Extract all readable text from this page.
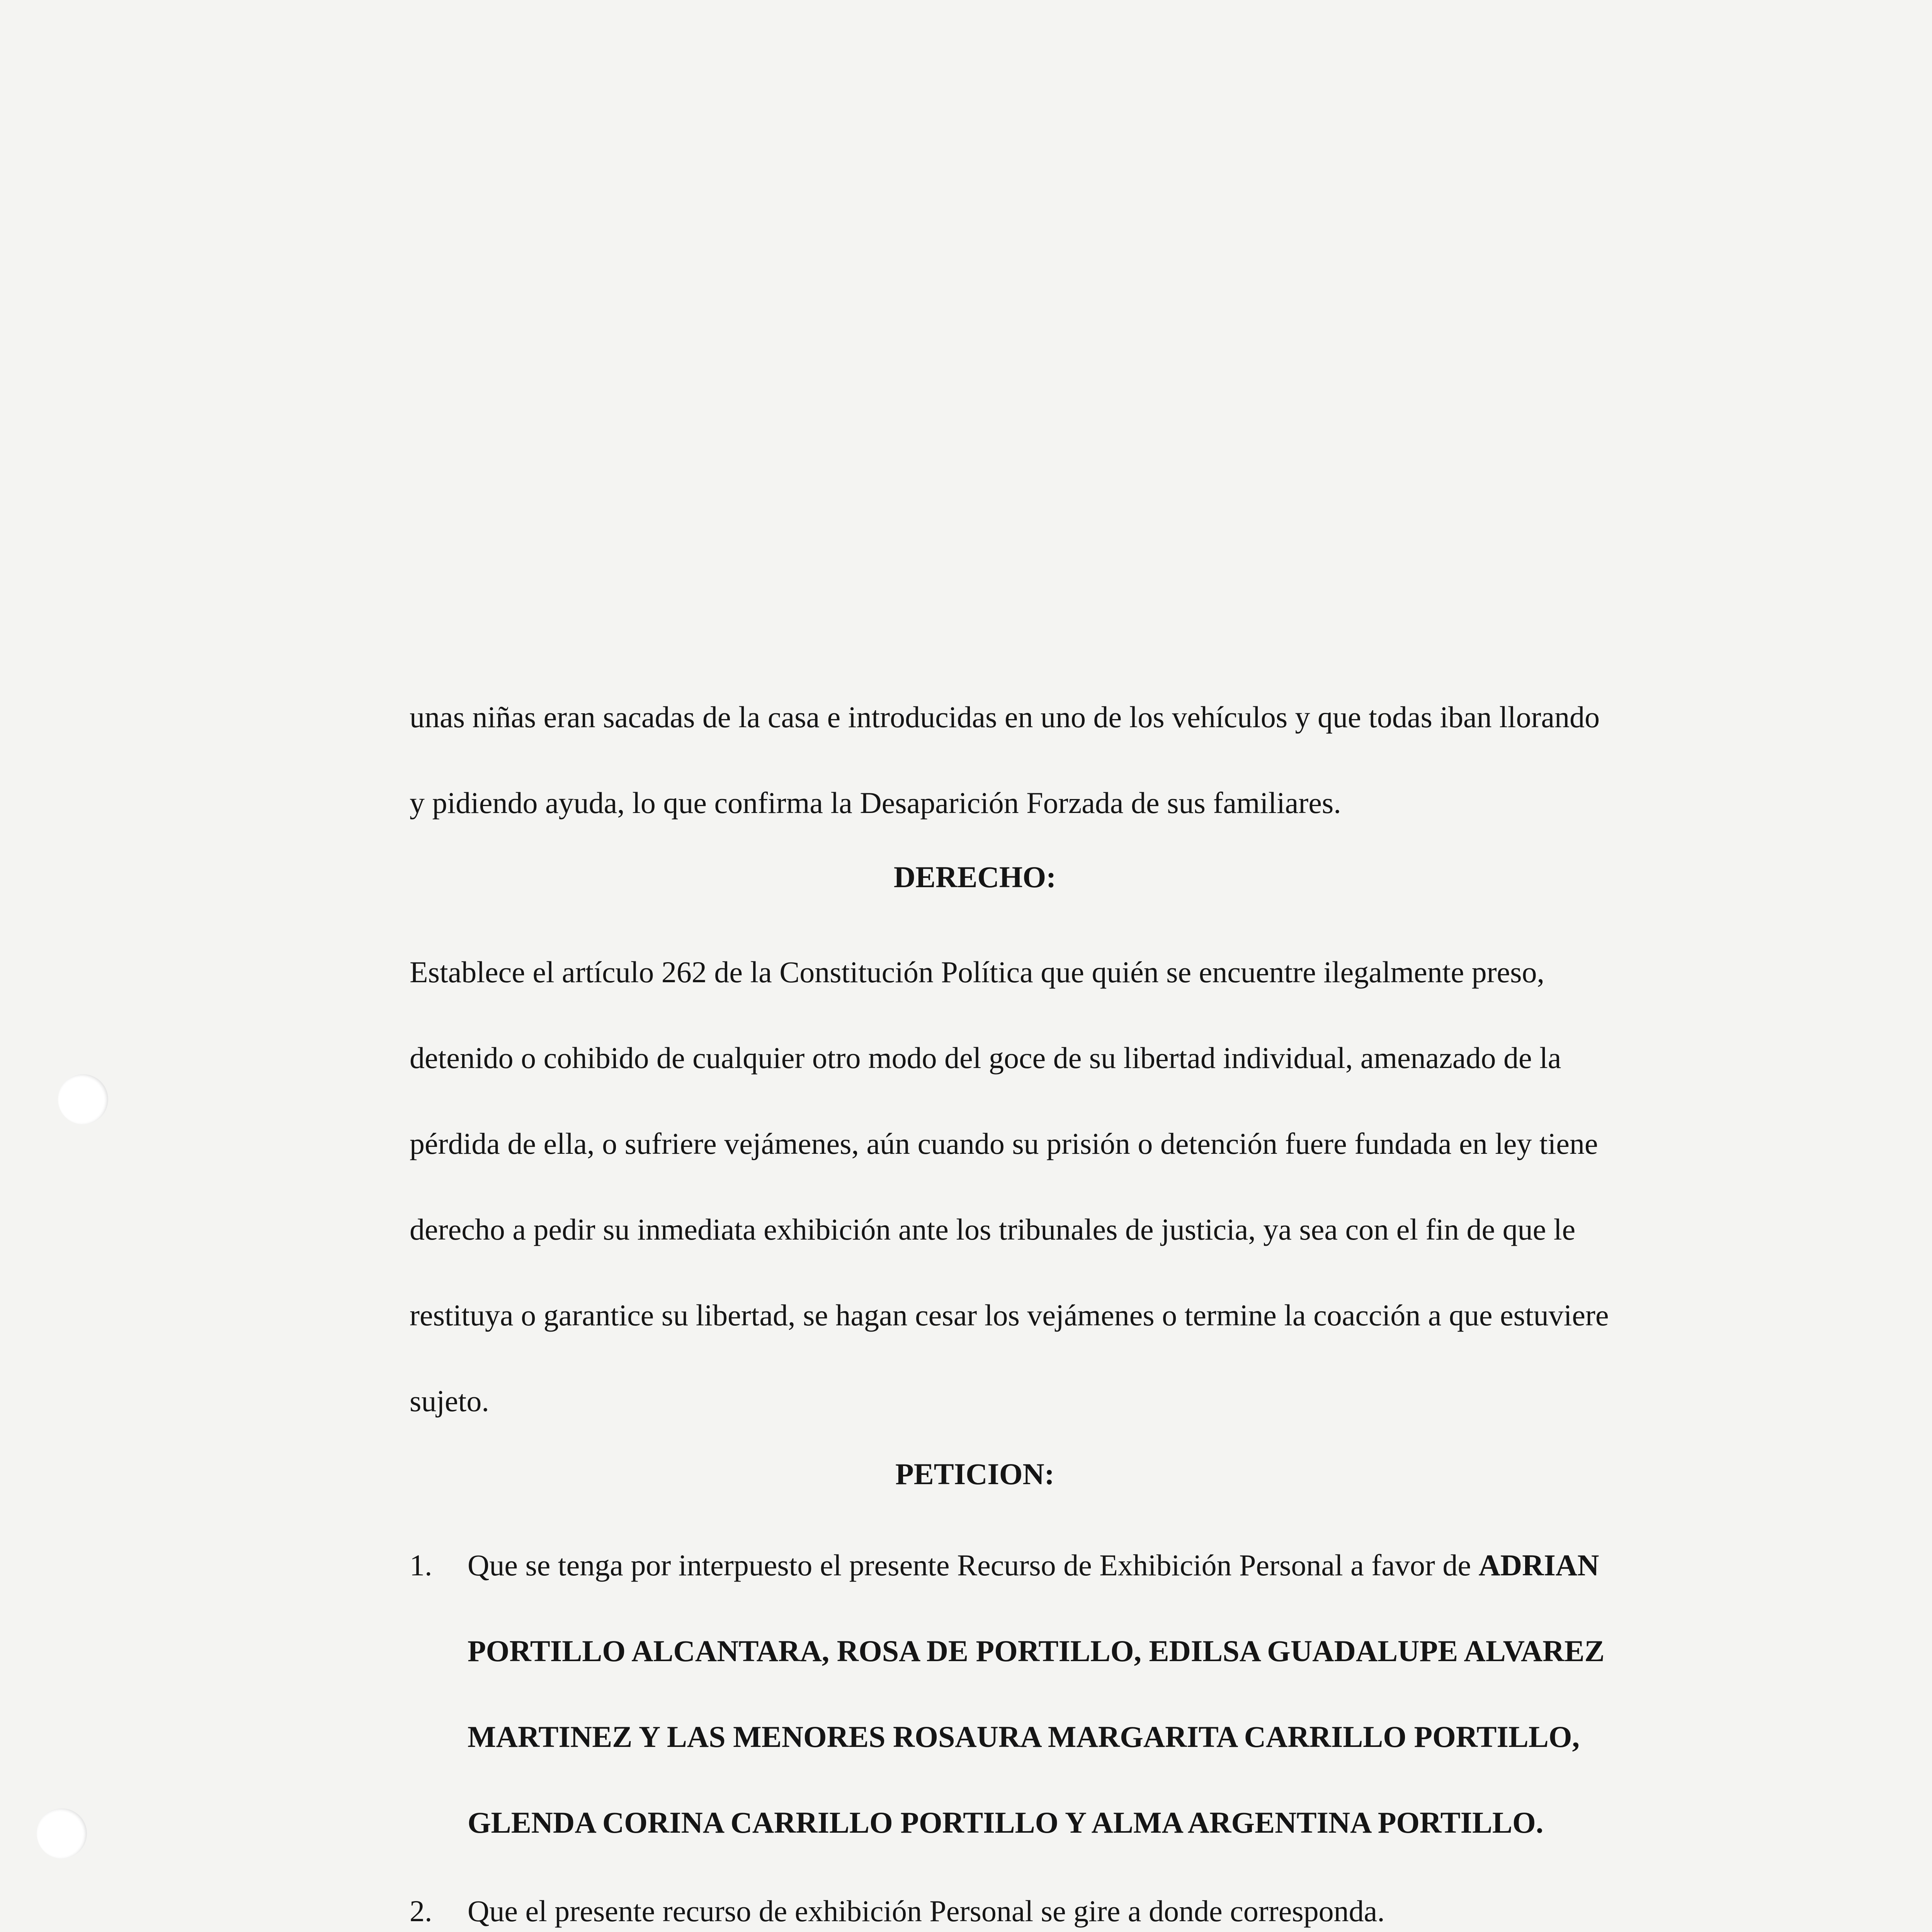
unas niñas eran sacadas de la casa e introducidas en uno de los vehículos y que todas iban llorando
y pidiendo ayuda, lo que confirma la Desaparición Forzada de sus familiares.
DERECHO:
Establece el artículo 262 de la Constitución Política que quién se encuentre ilegalmente preso,
detenido o cohibido de cualquier otro modo del goce de su libertad individual, amenazado de la
pérdida de ella, o sufriere vejámenes, aún cuando su prisión o detención fuere fundada en ley tiene
derecho a pedir su inmediata exhibición ante los tribunales de justicia, ya sea con el fin de que le
restituya o garantice su libertad, se hagan cesar los vejámenes o termine la coacción a que estuviere
sujeto.
PETICION:
1. Que se tenga por interpuesto el presente Recurso de Exhibición Personal a favor de ADRIAN
PORTILLO ALCANTARA, ROSA DE PORTILLO, EDILSA GUADALUPE ALVAREZ
MARTINEZ Y LAS MENORES ROSAURA MARGARITA CARRILLO PORTILLO,
GLENDA CORINA CARRILLO PORTILLO Y ALMA ARGENTINA PORTILLO.
2. Que el presente recurso de exhibición Personal se gire a donde corresponda.
